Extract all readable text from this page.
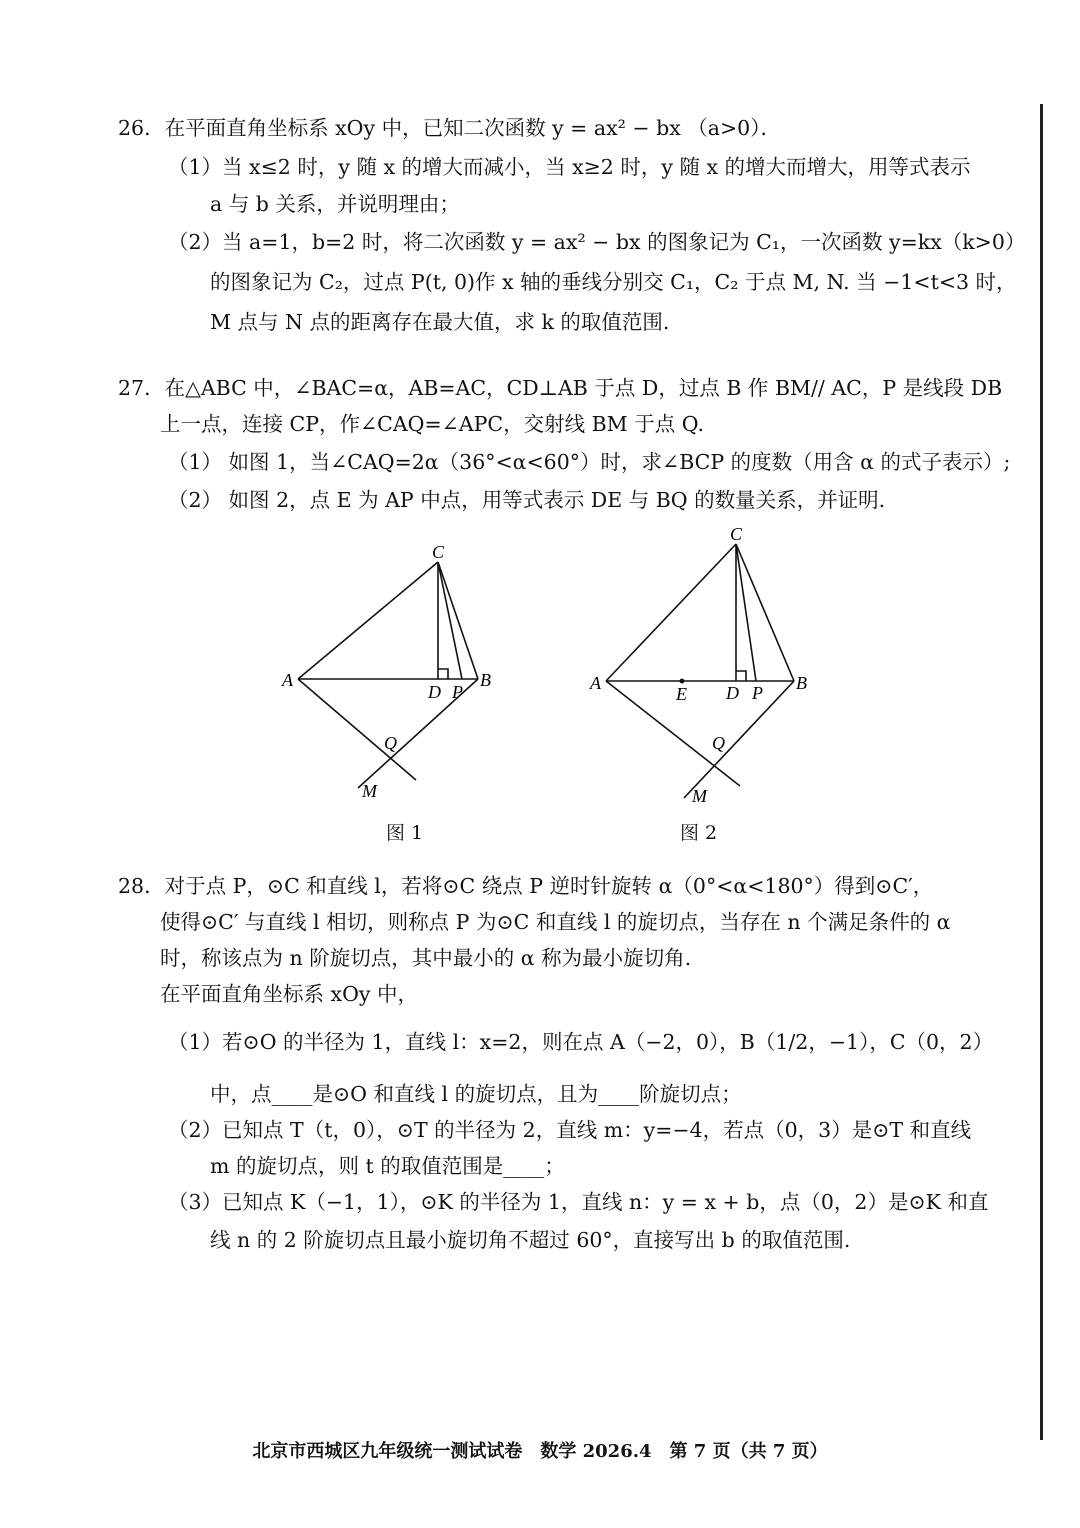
26．在平面直角坐标系 xOy 中，已知二次函数 y = ax² − bx （a>0）．
（1）当 x≤2 时，y 随 x 的增大而减小，当 x≥2 时，y 随 x 的增大而增大，用等式表示
a 与 b 关系，并说明理由；
（2）当 a=1，b=2 时，将二次函数 y = ax² − bx 的图象记为 C₁，一次函数 y=kx（k>0）
的图象记为 C₂，过点 P(t, 0)作 x 轴的垂线分别交 C₁，C₂ 于点 M, N. 当 −1<t<3 时，
M 点与 N 点的距离存在最大值，求 k 的取值范围.
27．在△ABC 中，∠BAC=α，AB=AC，CD⊥AB 于点 D，过点 B 作 BM// AC，P 是线段 DB
上一点，连接 CP，作∠CAQ=∠APC，交射线 BM 于点 Q.
（1） 如图 1，当∠CAQ=2α（36°<α<60°）时，求∠BCP 的度数（用含 α 的式子表示）;
（2） 如图 2，点 E 为 AP 中点，用等式表示 DE 与 BQ 的数量关系，并证明.
C
A	B
D P
Q
M
图 1
C
A	B
E D P
Q
M
图 2
28．对于点 P，⊙C 和直线 l，若将⊙C 绕点 P 逆时针旋转 α（0°<α<180°）得到⊙C′，
使得⊙C′ 与直线 l 相切，则称点 P 为⊙C 和直线 l 的旋切点，当存在 n 个满足条件的 α
时，称该点为 n 阶旋切点，其中最小的 α 称为最小旋切角.
在平面直角坐标系 xOy 中，
（1）若⊙O 的半径为 1，直线 l：x=2，则在点 A（−2，0），B（1/2，−1），C（0，2）
中，点____是⊙O 和直线 l 的旋切点，且为____阶旋切点；
（2）已知点 T（t，0），⊙T 的半径为 2，直线 m：y=−4，若点（0，3）是⊙T 和直线
m 的旋切点，则 t 的取值范围是____；
（3）已知点 K（−1，1），⊙K 的半径为 1，直线 n：y = x + b，点（0，2）是⊙K 和直
线 n 的 2 阶旋切点且最小旋切角不超过 60°，直接写出 b 的取值范围.
北京市西城区九年级统一测试试卷　数学 2026.4　第 7 页（共 7 页）
